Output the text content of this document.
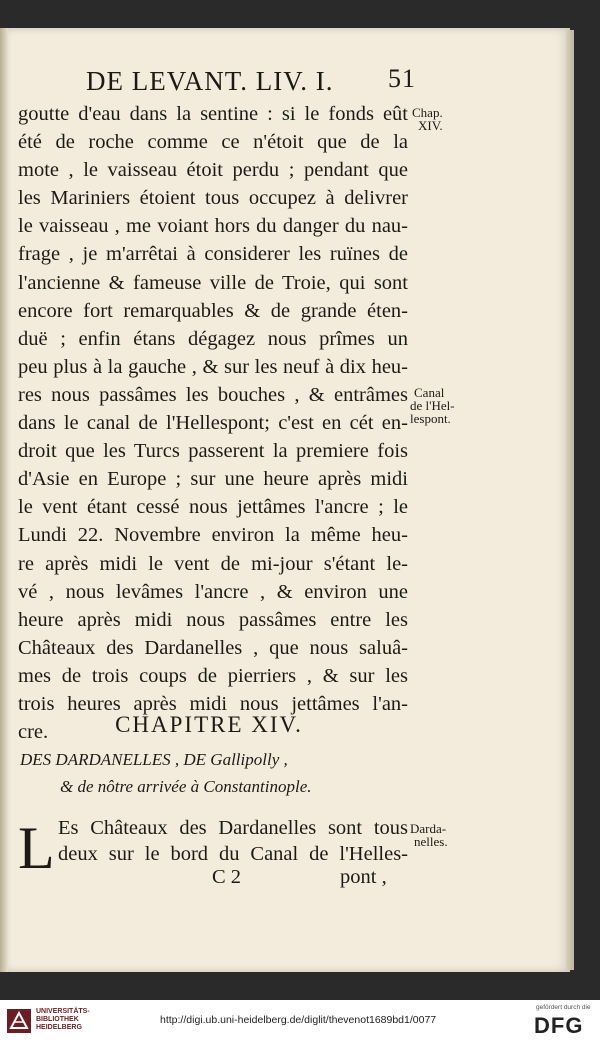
DE LEVANT. LIV. I. 51
goutte d'eau dans la sentine : si le fonds eût
été de roche comme ce n'étoit que de la
mote , le vaisseau étoit perdu ; pendant que
les Mariniers étoient tous occupez à delivrer
le vaisseau , me voiant hors du danger du nau-
frage , je m'arrêtai à considerer les ruïnes de
l'ancienne & fameuse ville de Troie, qui sont
encore fort remarquables & de grande éten-
duë ; enfin étans dégagez nous prîmes un
peu plus à la gauche , & sur les neuf à dix heu-
res nous passâmes les bouches , & entrâmes
dans le canal de l'Hellespont; c'est en cét en-
droit que les Turcs passerent la premiere fois
d'Asie en Europe ; sur une heure après midi
le vent étant cessé nous jettâmes l'ancre ; le
Lundi 22. Novembre environ la même heu-
re après midi le vent de mi-jour s'étant le-
vé , nous levâmes l'ancre , & environ une
heure après midi nous passâmes entre les
Châteaux des Dardanelles , que nous saluâ-
mes de trois coups de pierriers , & sur les
trois heures après midi nous jettâmes l'an-
cre.
Chap.
XIV.
Canal
de l'Hel-
lespont.
CHAPITRE XIV.
DES DARDANELLES , DE Gallipolly ,
& de nôtre arrivée à Constantinople.
L Es Châteaux des Dardanelles sont tous
deux sur le bord du Canal de l'Helles-
Darda-
nelles.
C 2	pont ,
UNIVERSITÄTS-
BIBLIOTHEK
HEIDELBERG
http://digi.ub.uni-heidelberg.de/diglit/thevenot1689bd1/0077
gefördert durch die
DFG
